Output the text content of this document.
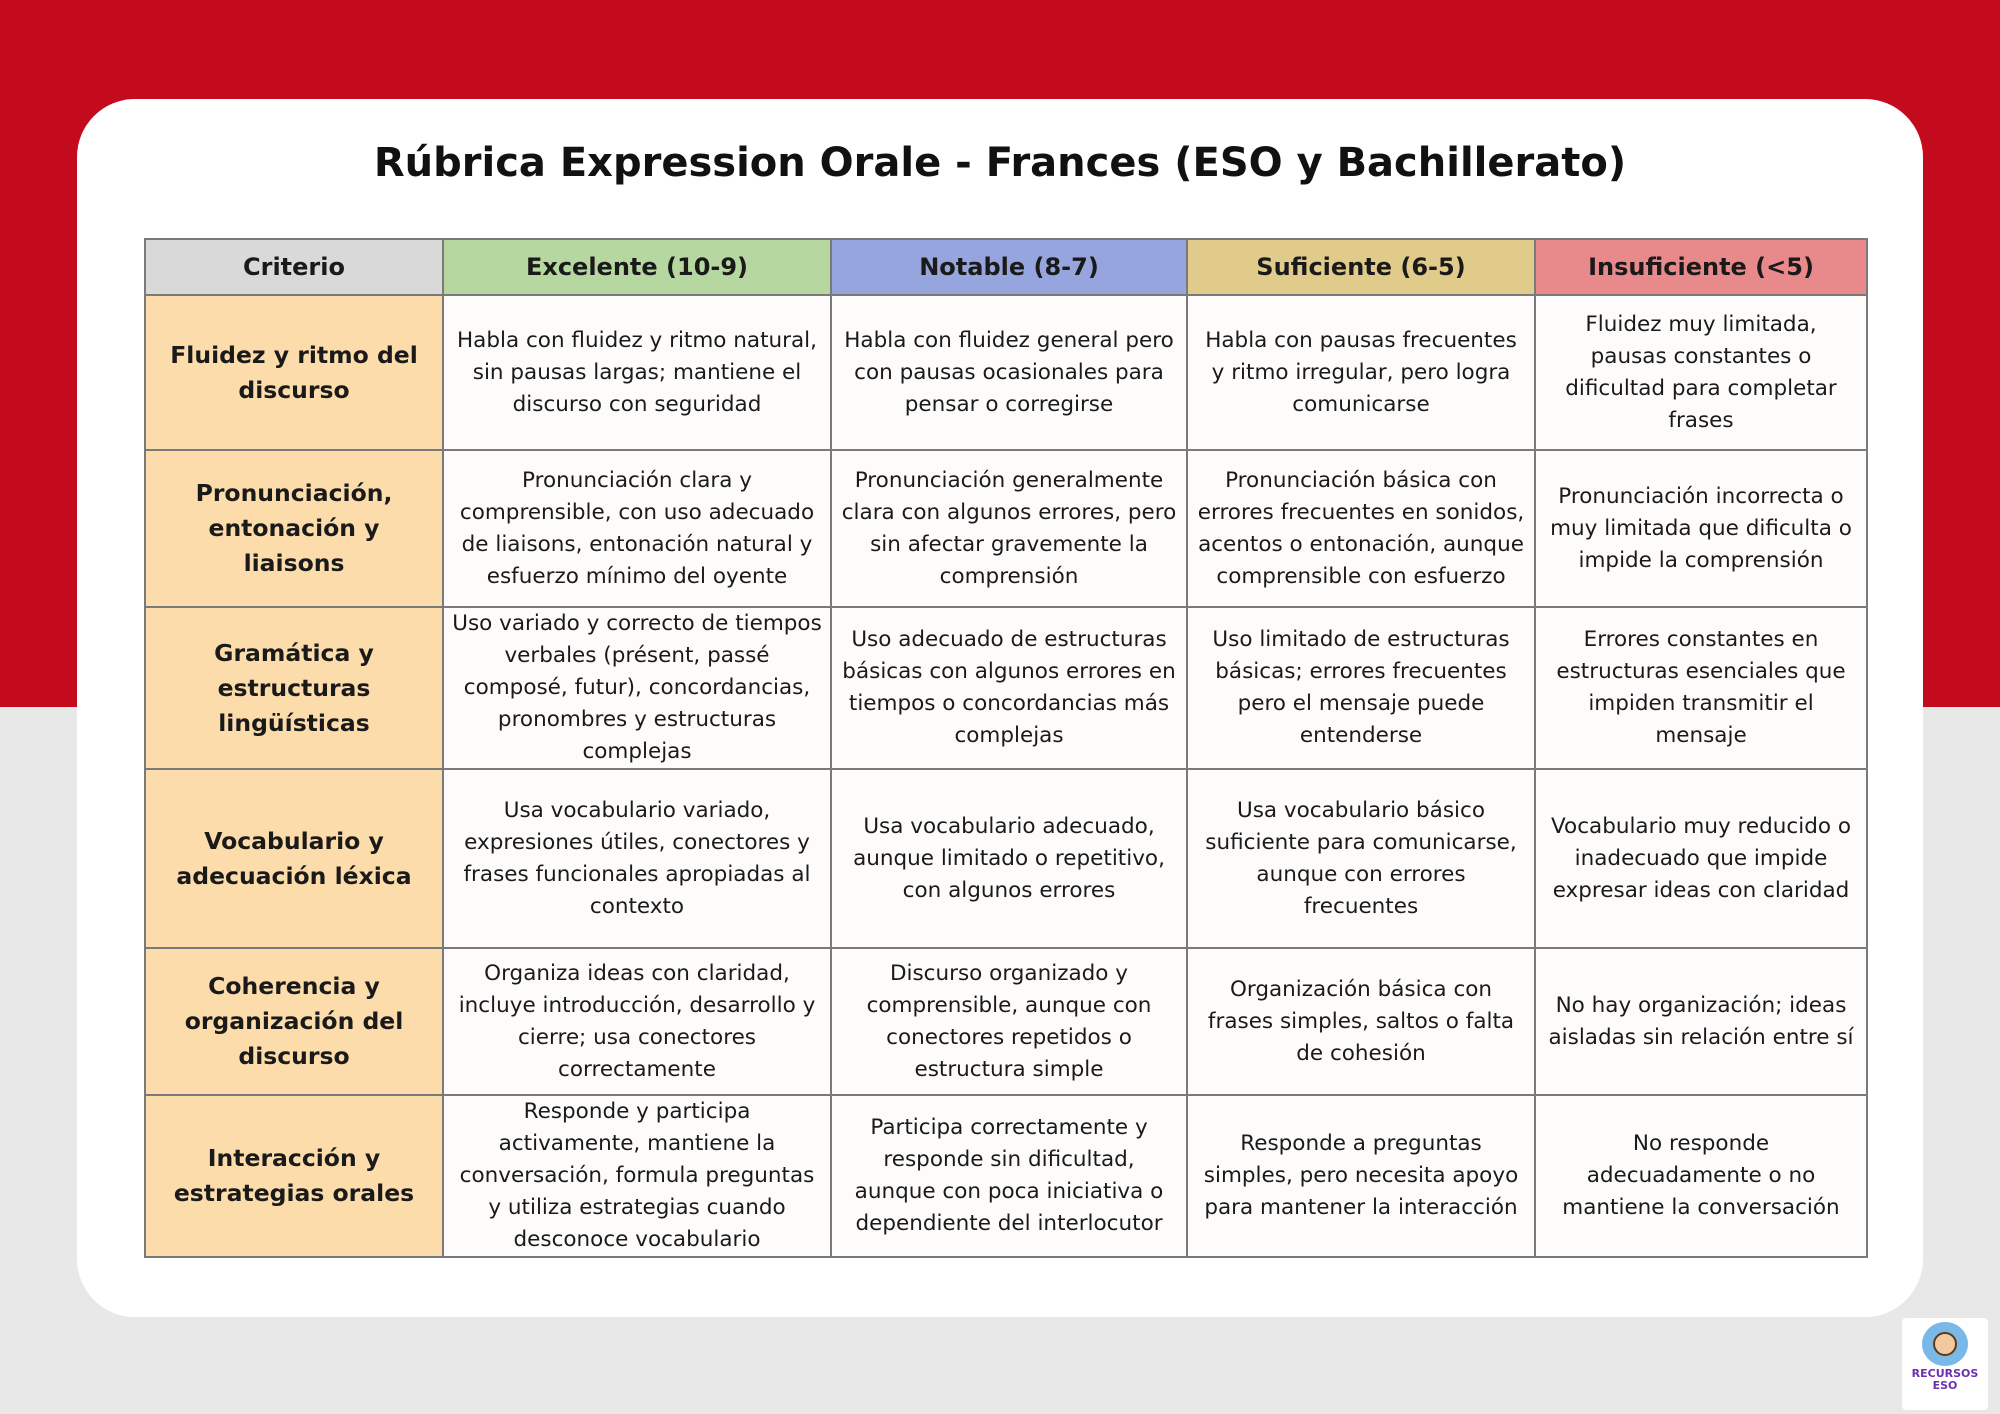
Rúbrica Expression Orale - Frances (ESO y Bachillerato)
Criterio	Excelente (10-9)	Notable (8-7)	Suficiente (6-5)	Insuficiente (<5)
Fluidez y ritmo del discurso	Habla con fluidez y ritmo natural, sin pausas largas; mantiene el discurso con seguridad	Habla con fluidez general pero con pausas ocasionales para pensar o corregirse	Habla con pausas frecuentes y ritmo irregular, pero logra comunicarse	Fluidez muy limitada, pausas constantes o dificultad para completar frases
Pronunciación, entonación y liaisons	Pronunciación clara y comprensible, con uso adecuado de liaisons, entonación natural y esfuerzo mínimo del oyente	Pronunciación generalmente clara con algunos errores, pero sin afectar gravemente la comprensión	Pronunciación básica con errores frecuentes en sonidos, acentos o entonación, aunque comprensible con esfuerzo	Pronunciación incorrecta o muy limitada que dificulta o impide la comprensión
Gramática y estructuras lingüísticas	Uso variado y correcto de tiempos verbales (présent, passé composé, futur), concordancias, pronombres y estructuras complejas	Uso adecuado de estructuras básicas con algunos errores en tiempos o concordancias más complejas	Uso limitado de estructuras básicas; errores frecuentes pero el mensaje puede entenderse	Errores constantes en estructuras esenciales que impiden transmitir el mensaje
Vocabulario y adecuación léxica	Usa vocabulario variado, expresiones útiles, conectores y frases funcionales apropiadas al contexto	Usa vocabulario adecuado, aunque limitado o repetitivo, con algunos errores	Usa vocabulario básico suficiente para comunicarse, aunque con errores frecuentes	Vocabulario muy reducido o inadecuado que impide expresar ideas con claridad
Coherencia y organización del discurso	Organiza ideas con claridad, incluye introducción, desarrollo y cierre; usa conectores correctamente	Discurso organizado y comprensible, aunque con conectores repetidos o estructura simple	Organización básica con frases simples, saltos o falta de cohesión	No hay organización; ideas aisladas sin relación entre sí
Interacción y estrategias orales	Responde y participa activamente, mantiene la conversación, formula preguntas y utiliza estrategias cuando desconoce vocabulario	Participa correctamente y responde sin dificultad, aunque con poca iniciativa o dependiente del interlocutor	Responde a preguntas simples, pero necesita apoyo para mantener la interacción	No responde adecuadamente o no mantiene la conversación
RECURSOS
ESO
